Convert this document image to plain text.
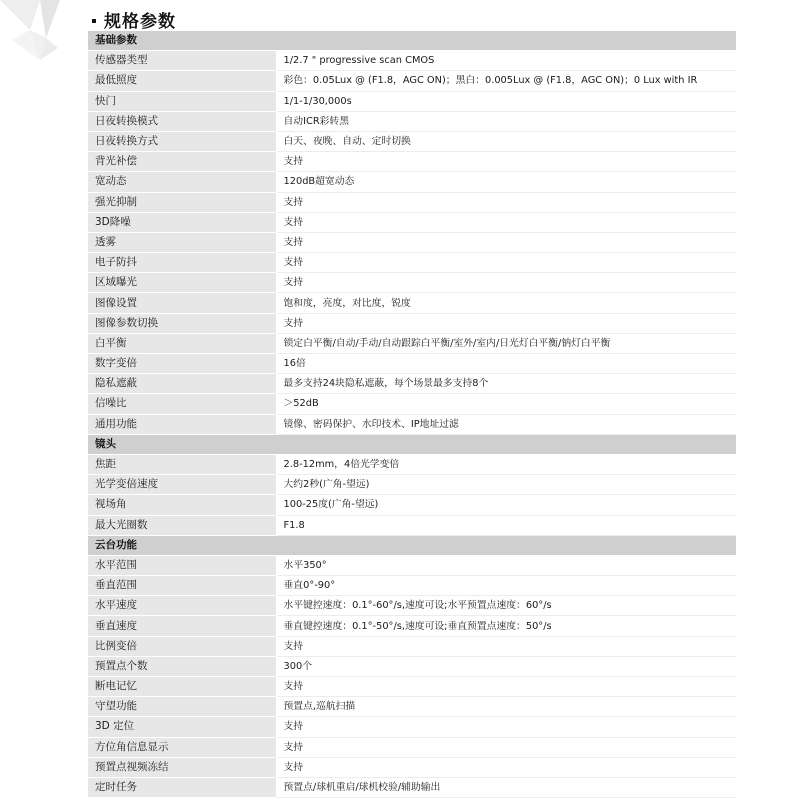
规格参数
基础参数	
传感器类型	1/2.7 " progressive scan CMOS
最低照度	彩色：0.05Lux @ (F1.8，AGC ON)；黑白：0.005Lux @ (F1.8，AGC ON)；0 Lux with IR
快门	1/1-1/30,000s
日夜转换模式	自动ICR彩转黑
日夜转换方式	白天、夜晚、自动、定时切换
背光补偿	支持
宽动态	120dB超宽动态
强光抑制	支持
3D降噪	支持
透雾	支持
电子防抖	支持
区域曝光	支持
图像设置	饱和度，亮度，对比度，锐度
图像参数切换	支持
白平衡	锁定白平衡/自动/手动/自动跟踪白平衡/室外/室内/日光灯白平衡/钠灯白平衡
数字变倍	16倍
隐私遮蔽	最多支持24块隐私遮蔽，每个场景最多支持8个
信噪比	＞52dB
通用功能	镜像、密码保护、水印技术、IP地址过滤
镜头	
焦距	2.8-12mm，4倍光学变倍
光学变倍速度	大约2秒(广角-望远)
视场角	100-25度(广角-望远)
最大光圈数	F1.8
云台功能	
水平范围	水平350°
垂直范围	垂直0°-90°
水平速度	水平键控速度：0.1°-60°/s,速度可设;水平预置点速度：60°/s
垂直速度	垂直键控速度：0.1°-50°/s,速度可设;垂直预置点速度：50°/s
比例变倍	支持
预置点个数	300个
断电记忆	支持
守望功能	预置点,巡航扫描
3D 定位	支持
方位角信息显示	支持
预置点视频冻结	支持
定时任务	预置点/球机重启/球机校验/辅助输出
